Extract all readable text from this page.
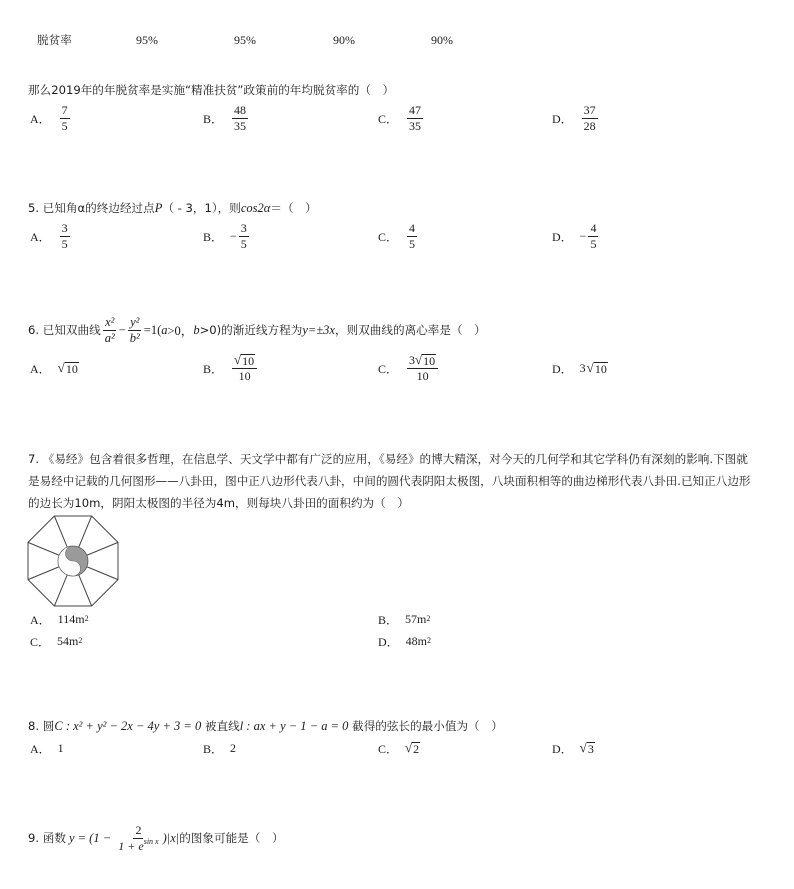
脱贫率	95%	95%	90%	90%
那么2019年的年脱贫率是实施“精准扶贫”政策前的年均脱贫率的（　）
A． $\frac{7}{5}$	B． $\frac{48}{35}$	C． $\frac{47}{35}$	D． $\frac{37}{28}$
5. 已知角α的终边经过点 P （ - 3，1），则 cos2α ＝（　）
A． $\frac{3}{5}$	B． − $\frac{3}{5}$	C． $\frac{4}{5}$	D． − $\frac{4}{5}$
6. 已知双曲线 $\frac{\text{x²}}{\text{a²}} - \frac{\text{y²}}{\text{b²}} =1$( a >0， b >0)的渐近线方程为 y=±3x ，则双曲线的离心率是（　）
A． √ 10	B． $\frac{√ 10}{10}$	C． $\frac{3 √ 10}{10}$	D． 3 √ 10
7. 《易经》包含着很多哲理，在信息学、天文学中都有广泛的应用，《易经》的博大精深，对今天的几何学和其它学科仍有深刻的影响.下图就
是易经中记载的几何图形——八卦田，图中正八边形代表八卦，中间的圆代表阴阳太极图，八块面积相等的曲边梯形代表八卦田.已知正八边形
的边长为10m，阴阳太极图的半径为4m，则每块八卦田的面积约为（　）
A． 114m 2	B． 57m 2
C． 54m 2	D． 48m 2
8. 圆 C : x² + y² − 2x − 4y + 3 = 0 被直线 l : ax + y − 1 − a = 0 截得的弦长的最小值为（　）
A． 1	B． 2	C． √ 2	D． √ 3
9. 函数 $y = (1 - \frac{2}{1 + e^{sin x}} )|x|$ 的图象可能是（　）
